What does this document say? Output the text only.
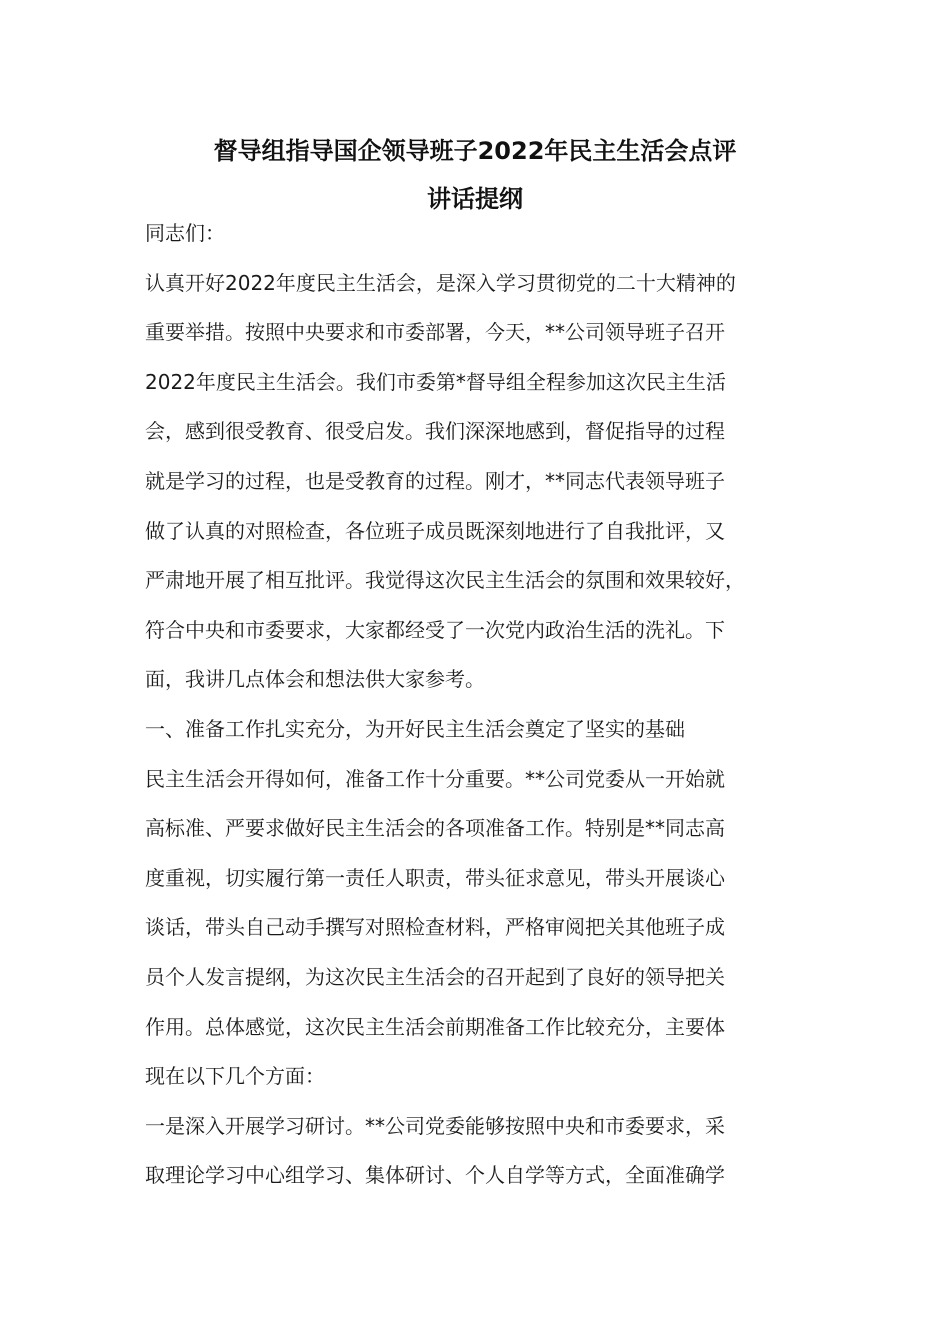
督导组指导国企领导班子2022年民主生活会点评
讲话提纲
同志们：
认真开好2022年度民主生活会，是深入学习贯彻党的二十大精神的
重要举措。按照中央要求和市委部署，今天，**公司领导班子召开
2022年度民主生活会。我们市委第*督导组全程参加这次民主生活
会，感到很受教育、很受启发。我们深深地感到，督促指导的过程
就是学习的过程，也是受教育的过程。刚才，**同志代表领导班子
做了认真的对照检查，各位班子成员既深刻地进行了自我批评，又
严肃地开展了相互批评。我觉得这次民主生活会的氛围和效果较好，
符合中央和市委要求，大家都经受了一次党内政治生活的洗礼。下
面，我讲几点体会和想法供大家参考。
一、准备工作扎实充分，为开好民主生活会奠定了坚实的基础
民主生活会开得如何，准备工作十分重要。**公司党委从一开始就
高标准、严要求做好民主生活会的各项准备工作。特别是**同志高
度重视，切实履行第一责任人职责，带头征求意见，带头开展谈心
谈话，带头自己动手撰写对照检查材料，严格审阅把关其他班子成
员个人发言提纲，为这次民主生活会的召开起到了良好的领导把关
作用。总体感觉，这次民主生活会前期准备工作比较充分，主要体
现在以下几个方面：
一是深入开展学习研讨。**公司党委能够按照中央和市委要求，采
取理论学习中心组学习、集体研讨、个人自学等方式，全面准确学
